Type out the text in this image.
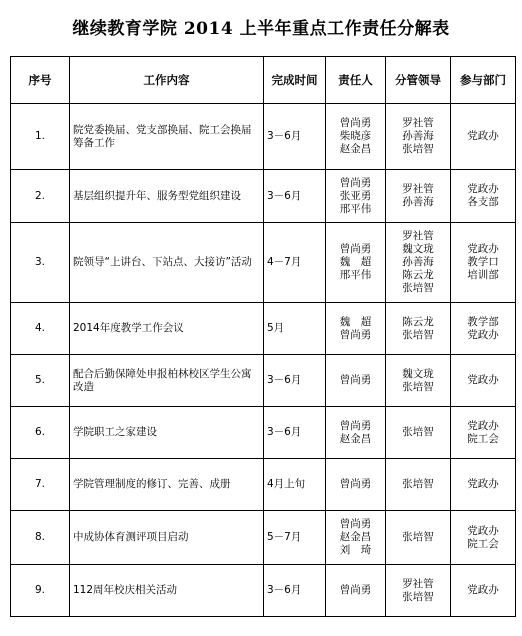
继续教育学院 2014 上半年重点工作责任分解表
序号	工作内容	完成时间	责任人	分管领导	参与部门
1.	院党委换届、党支部换届、院工会换届筹备工作	3－6月	曾尚勇
柴晓彦
赵金昌	罗社管
孙善海
张培智	党政办

2.	基层组织提升年、服务型党组织建设	3－6月	曾尚勇
张亚勇
邢平伟	罗社管
孙善海	党政办
各支部

3.	院领导“上讲台、下站点、大接访”活动	4－7月	曾尚勇
魏　超
邢平伟	罗社管
魏文珑
孙善海
陈云龙
张培智	党政办
教学口
培训部

4.	2014年度教学工作会议	5月	魏　超
曾尚勇	陈云龙
张培智	教学部
党政办

5.	配合后勤保障处申报柏林校区学生公寓改造	3－6月	曾尚勇	魏文珑
张培智	党政办

6.	学院职工之家建设	3－6月	曾尚勇
赵金昌	张培智	党政办
院工会

7.	学院管理制度的修订、完善、成册	4月上旬	曾尚勇	张培智	党政办

8.	中成协体育测评项目启动	5－7月	曾尚勇
赵金昌
刘　琦	张培智	党政办
院工会

9.	112周年校庆相关活动	3－6月	曾尚勇	罗社管
张培智	党政办
